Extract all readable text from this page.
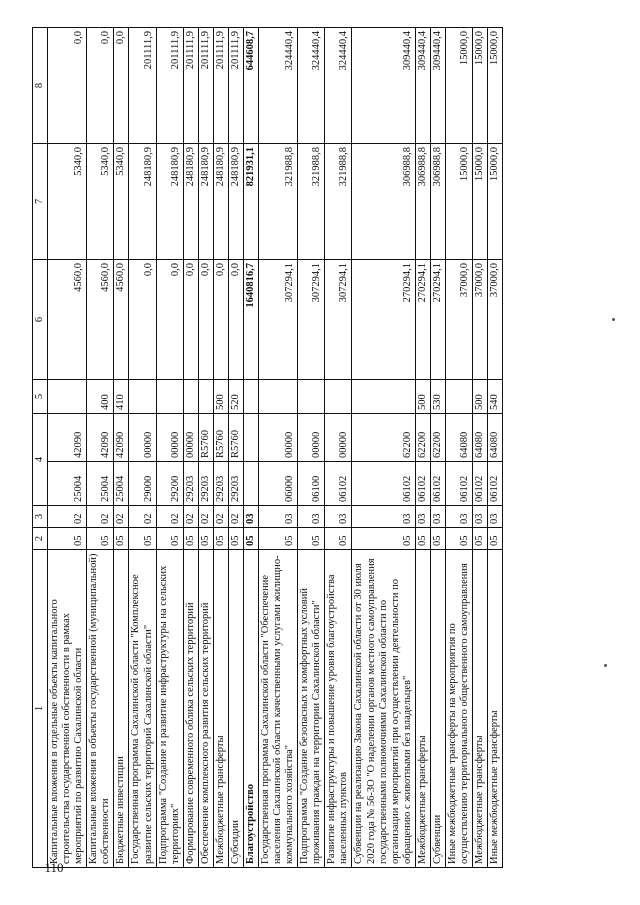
110
1	2	3	4		5	6	7	8
Капитальные вложения в отдельные объекты капитального строительства государственной собственности в рамках мероприятий по развитию Сахалинской области	05	02	25004	42090		4560,0	5340,0	0,0
Капитальные вложения в объекты государственной (муниципальной) собственности	05	02	25004	42090	400	4560,0	5340,0	0,0
Бюджетные инвестиции	05	02	25004	42090	410	4560,0	5340,0	0,0
Государственная программа Сахалинской области "Комплексное развитие сельских территорий Сахалинской области"	05	02	29000	00000		0,0	248180,9	201111,9
Подпрограмма "Создание и развитие инфраструктуры на сельских территориях"	05	02	29200	00000		0,0	248180,9	201111,9
Формирование современного облика сельских территорий	05	02	29203	00000		0,0	248180,9	201111,9
Обеспечение комплексного развития сельских территорий	05	02	29203	R5760		0,0	248180,9	201111,9
Межбюджетные трансферты	05	02	29203	R5760	500	0,0	248180,9	201111,9
Субсидии	05	02	29203	R5760	520	0,0	248180,9	201111,9
Благоустройство	05	03				1640816,7	821931,1	644608,7
Государственная программа Сахалинской области "Обеспечение населения Сахалинской области качественными услугами жилищно-коммунального хозяйства"	05	03	06000	00000		307294,1	321988,8	324440,4
Подпрограмма "Создание безопасных и комфортных условий проживания граждан на территории Сахалинской области"	05	03	06100	00000		307294,1	321988,8	324440,4
Развитие инфраструктуры и повышение уровня благоустройства населенных пунктов	05	03	06102	00000		307294,1	321988,8	324440,4
Субвенции на реализацию Закона Сахалинской области от 30 июля 2020 года № 56-ЗО "О наделении органов местного самоуправления государственными полномочиями Сахалинской области по организации мероприятий при осуществлении деятельности по обращению с животными без владельцев"	05	03	06102	62200		270294,1	306988,8	309440,4
Межбюджетные трансферты	05	03	06102	62200	500	270294,1	306988,8	309440,4
Субвенции	05	03	06102	62200	530	270294,1	306988,8	309440,4
Иные межбюджетные трансферты на мероприятия по осуществлению территориального общественного самоуправления	05	03	06102	64080		37000,0	15000,0	15000,0
Межбюджетные трансферты	05	03	06102	64080	500	37000,0	15000,0	15000,0
Иные межбюджетные трансферты	05	03	06102	64080	540	37000,0	15000,0	15000,0
